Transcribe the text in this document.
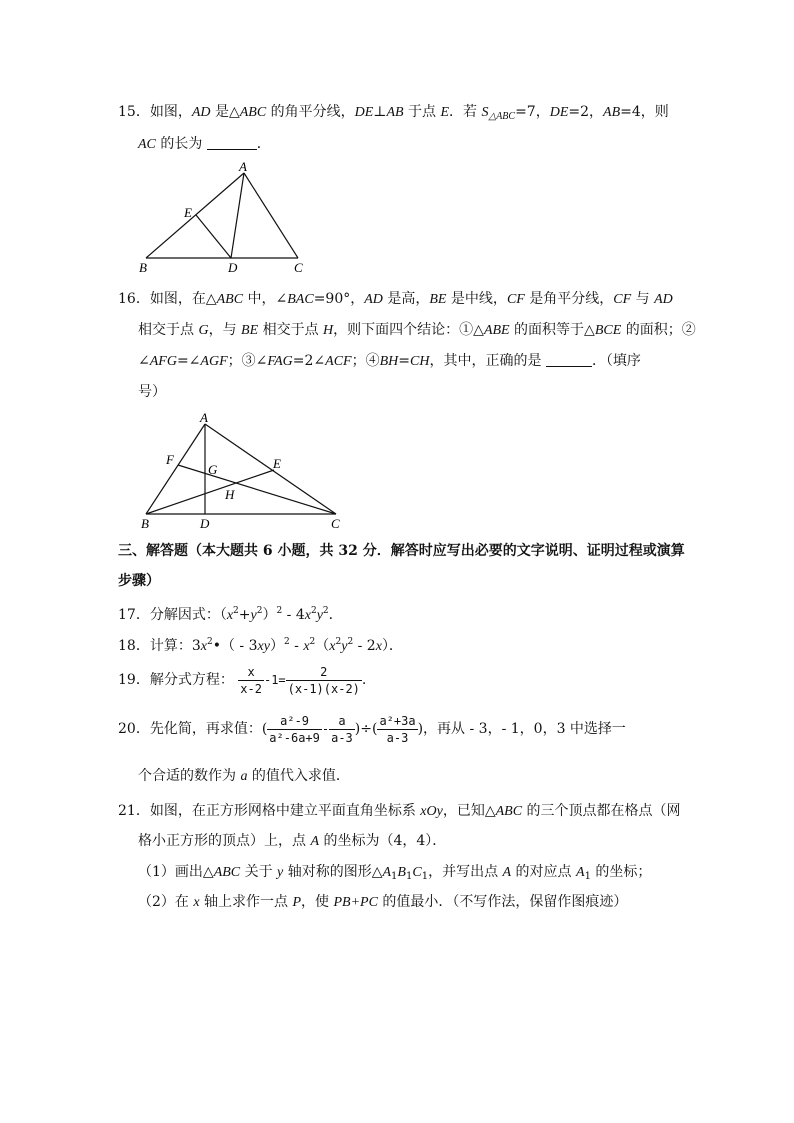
15．如图，AD 是△ABC 的角平分线，DE⊥AB 于点 E．若 $S_{\triangle ABC}=7$，DE=2，AB=4，则
AC 的长为	．
A
E
B	D	C
16．如图，在△ABC 中，∠BAC=90°，AD 是高，BE 是中线，CF 是角平分线，CF 与 AD
相交于点 G，与 BE 相交于点 H，则下面四个结论：①△ABE 的面积等于△BCE 的面积；②
∠AFG=∠AGF；③∠FAG=2∠ACF；④BH=CH，其中，正确的是	．（填序
号）
A
F
G	E
H
B	D	C
三、解答题（本大题共 6 小题，共 32 分．解答时应写出必要的文字说明、证明过程或演算
步骤）
17．分解因式：$(x^2+y^2)^2 - 4x^2y^2$．
18．计算：$3x^2•( - 3xy)^2 - x^2(x^2y^2 - 2x)$．
19．解分式方程： $\frac{x}{x-2} -1= \frac{2}{(x-1)(x-2)}$ .
20．先化简，再求值：( $\frac{\text{a²-9}}{\text{a²-6a+9}} - \frac{a}{a-3}$ )÷( $\frac{\text{a²+3a}}{a-3}$ )，再从 - 3，- 1，0，3 中选择一
个合适的数作为 a 的值代入求值．
21．如图，在正方形网格中建立平面直角坐标系 xOy，已知△ABC 的三个顶点都在格点（网
格小正方形的顶点）上，点 A 的坐标为（4，4）．
（1）画出△ABC 关于 y 轴对称的图形$\triangle A_1B_1C_1$，并写出点 A 的对应点 $A_1$ 的坐标；
（2）在 x 轴上求作一点 P，使 PB+PC 的值最小．（不写作法，保留作图痕迹）
